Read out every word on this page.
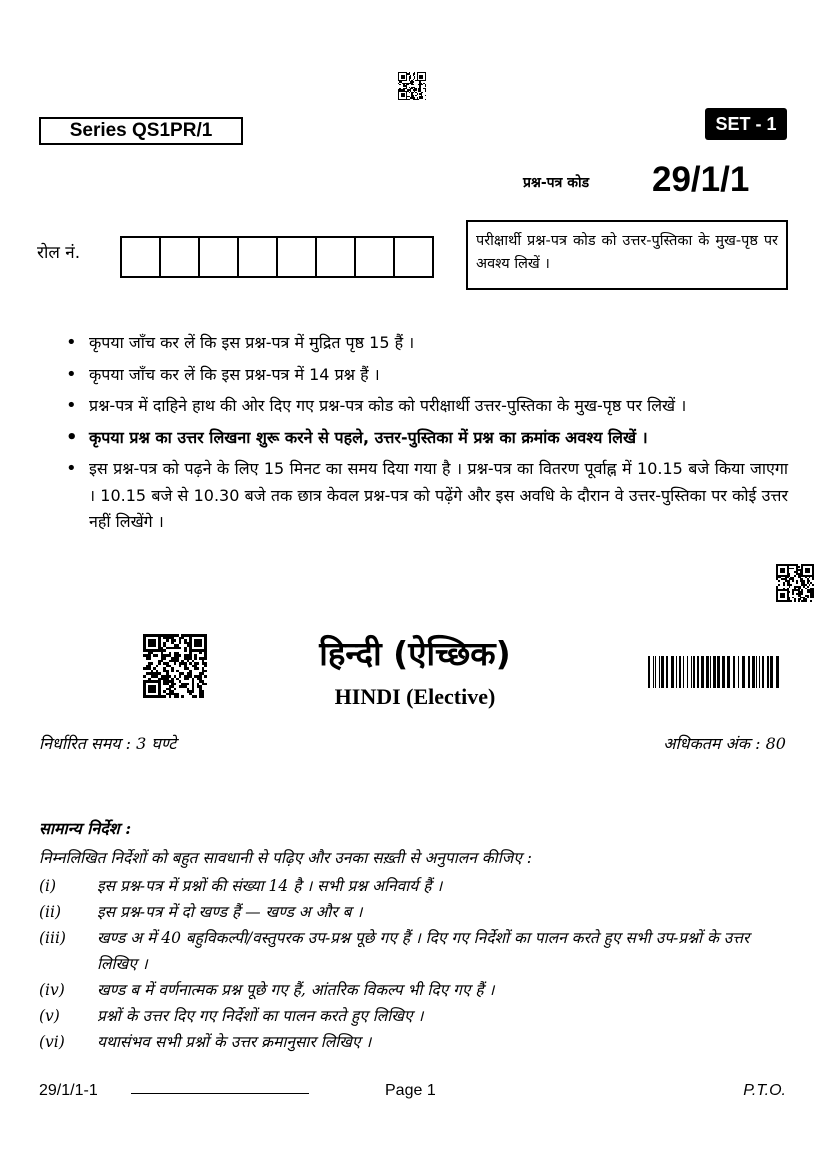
Series QS1PR/1	SET - 1
प्रश्न-पत्र कोड 29/1/1
रोल नं.
परीक्षार्थी प्रश्न-पत्र कोड को उत्तर-पुस्तिका के मुख-पृष्ठ पर अवश्य लिखें ।
• कृपया जाँच कर लें कि इस प्रश्न-पत्र में मुद्रित पृष्ठ 15 हैं ।
• कृपया जाँच कर लें कि इस प्रश्न-पत्र में 14 प्रश्न हैं ।
• प्रश्न-पत्र में दाहिने हाथ की ओर दिए गए प्रश्न-पत्र कोड को परीक्षार्थी उत्तर-पुस्तिका के मुख-पृष्ठ पर लिखें ।
• कृपया प्रश्न का उत्तर लिखना शुरू करने से पहले, उत्तर-पुस्तिका में प्रश्न का क्रमांक अवश्य लिखें ।
• इस प्रश्न-पत्र को पढ़ने के लिए 15 मिनट का समय दिया गया है । प्रश्न-पत्र का वितरण पूर्वाह्न में 10.15 बजे किया जाएगा । 10.15 बजे से 10.30 बजे तक छात्र केवल प्रश्न-पत्र को पढ़ेंगे और इस अवधि के दौरान वे उत्तर-पुस्तिका पर कोई उत्तर नहीं लिखेंगे ।
हिन्दी (ऐच्छिक)
HINDI (Elective)
निर्धारित समय : 3 घण्टे	अधिकतम अंक : 80
सामान्य निर्देश :
निम्नलिखित निर्देशों को बहुत सावधानी से पढ़िए और उनका सख़्ती से अनुपालन कीजिए :
(i)	इस प्रश्न-पत्र में प्रश्नों की संख्या 14 है । सभी प्रश्न अनिवार्य हैं ।
(ii)	इस प्रश्न-पत्र में दो खण्ड हैं — खण्ड अ और ब ।
(iii)	खण्ड अ में 40 बहुविकल्पी/वस्तुपरक उप-प्रश्न पूछे गए हैं । दिए गए निर्देशों का पालन करते हुए सभी उप-प्रश्नों के उत्तर लिखिए ।
(iv)	खण्ड ब में वर्णनात्मक प्रश्न पूछे गए हैं, आंतरिक विकल्प भी दिए गए हैं ।
(v)	प्रश्नों के उत्तर दिए गए निर्देशों का पालन करते हुए लिखिए ।
(vi)	यथासंभव सभी प्रश्नों के उत्तर क्रमानुसार लिखिए ।
29/1/1-1	Page 1	P.T.O.
